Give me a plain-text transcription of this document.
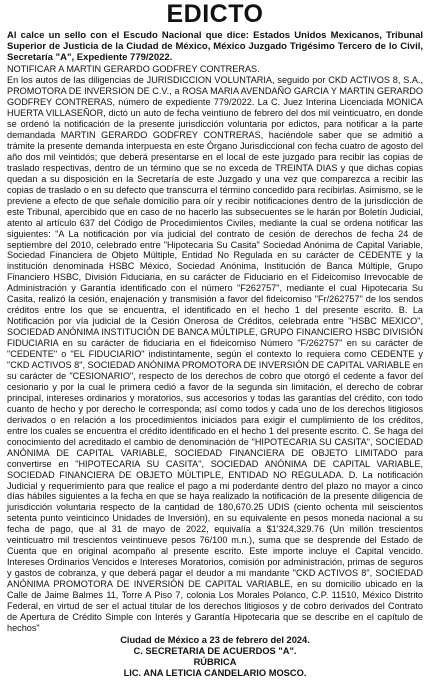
EDICTO
Al calce un sello con el Escudo Nacional que dice: Estados Unidos Mexicanos, Tribunal Superior de Justicia de la Ciudad de México, México Juzgado Trigésimo Tercero de lo Civil, Secretaría "A", Expediente 779/2022.

NOTIFICAR A MARTIN GERARDO GODFREY CONTRERAS.

En los autos de las diligencias de JURISDICCION VOLUNTARIA, seguido por CKD ACTIVOS 8, S.A., PROMOTORA DE INVERSION DE C.V., a ROSA MARIA AVENDAÑO GARCIA Y MARTIN GERARDO GODFREY CONTRERAS, número de expediente 779/2022. La C. Juez Interina Licenciada MONICA HUERTA VILLASEÑOR, dictó un auto de fecha veintiuno de febrero del dos mil veinticuatro, en donde se ordenó la notificación de la presente jurisdicción voluntaria por edictos, para notificar a la parte demandada MARTIN GERARDO GODFREY CONTRERAS, haciéndole saber que se admitió a trámite la presente demanda interpuesta en este Órgano Jurisdiccional con fecha cuatro de agosto del año dos mil veintidós; que deberá presentarse en el local de este juzgado para recibir las copias de traslado respectivas, dentro de un término que se no exceda de TREINTA DIAS y que dichas copias quedan a su disposición en la Secretaría de este Juzgado y una vez que comparezca a recibir las copias de traslado o en su defecto que transcurra el término concedido para recibirlas. Asimismo, se le previene a efecto de que señale domicilio para oír y recibir notificaciones dentro de la jurisdicción de este Tribunal, apercibido que en caso de no hacerlo las subsecuentes se le harán por Boletín Judicial, atento al artículo 637 del Código de Procedimientos Civiles, mediante la cual se ordena notificar las siguientes: "A La notificación por vía judicial del contrato de cesión de derechos de fecha 24 de septiembre del 2010, celebrado entre "Hipotecaria Su Casita" Sociedad Anónima de Capital Variable, Sociedad Financiera de Objeto Múltiple, Entidad No Regulada en su carácter de CEDENTE y la institución denominada HSBC México, Sociedad Anónima, Institución de Banca Múltiple, Grupo Financiero HSBC, División Fiduciaria, en su carácter de Fiduciario en el Fideicomiso Irrevocable de Administración y Garantía identificado con el número "F262757", mediante el cual Hipotecaria Su Casita, realizó la cesión, enajenación y transmisión a favor del fideicomiso "Fr/262757" de los sendos créditos entre los que se encuentra, el identificado en el hecho 1 del presente escrito. B. La Notificación por vía judicial de la Cesión Onerosa de Créditos, celebrada entre "HSBC MEXICO", SOCIEDAD ANÓNIMA INSTITUCIÓN DE BANCA MÚLTIPLE, GRUPO FINANCIERO HSBC DIVISIÓN FIDUCIARIA en su carácter de fiduciaria en el fideicomiso Número "F/262757" en su carácter de "CEDENTE" o "EL FIDUCIARIO" indistintamente, según el contexto lo requiera como CEDENTE y "CKD ACTIVOS 8", SOCIEDAD ANÓNIMA PROMOTORA DE INVERSIÓN DE CAPITAL VARIABLE en su carácter de "CESIONARIO", respecto de los derechos de cobro que otorgó el cedente a favor del cesionario y por la cual le primera cedió a favor de la segunda sin limitación, el derecho de cobrar principal, intereses ordinarios y moratorios, sus accesorios y todas las garantías del crédito, con todo cuanto de hecho y por derecho le corresponda; así como todos y cada uno de los derechos litigiosos derivados o en relación a los procedimientos iniciados para exigir el cumplimiento de los créditos, entre los cuales se encuentra el crédito identificado en el hecho 1 del presente escrito. C. Se haga del conocimiento del acreditado el cambio de denominación de "HIPOTECARIA SU CASITA", SOCIEDAD ANÓNIMA DE CAPITAL VARIABLE, SOCIEDAD FINANCIERA DE OBJETO LIMITADO para convertirse en "HIPOTECARIA SU CASITA", SOCIEDAD ANÓNIMA DE CAPITAL VARIABLE, SOCIEDAD FINANCIERA DE OBJETO MÚLTIPLE, ENTIDAD NO REGULADA. D. La notificación Judicial y requerimiento para que realice el pago a mi poderdante dentro del plazo no mayor a cinco días hábiles siguientes a la fecha en que se haya realizado la notificación de la presente diligencia de jurisdicción voluntaria respecto de la cantidad de 180,670.25 UDIS (ciento ochenta mil seiscientos setenta punto veinticinco Unidades de Inversión), en su equivalente en pesos moneda nacional a su fecha de pago, que al 31 de mayo de 2022, equivalía a $1'324,329.76 (Un millón trescientos veinticuatro mil trescientos veintinueve pesos 76/100 m.n.), suma que se desprende del Estado de Cuenta que en original acompaño al presente escrito. Este importe incluye el Capital vencido. Intereses Ordinarios Vencidos e Intereses Moratorios, comisión por administración, primas de seguros y gastos de cobranza, y que deberá pagar el deudor a mi mandante "CKD ACTIVOS 8", SOCIEDAD ANÓNIMA PROMOTORA DE INVERSIÓN DE CAPITAL VARIABLE, en su domicilio ubicado en la Calle de Jaime Balmes 11, Torre A Piso 7, colonia Los Morales Polanco, C.P. 11510, México Distrito Federal, en virtud de ser el actual titular de los derechos litigiosos y de cobro derivados del Contrato de Apertura de Crédito Simple con Interés y Garantía Hipotecaria que se describe en el capítulo de hechos"

Ciudad de México a 23 de febrero del 2024.
C. SECRETARIA DE ACUERDOS "A".
RÚBRICA
LIC. ANA LETICIA CANDELARIO MOSCO.
